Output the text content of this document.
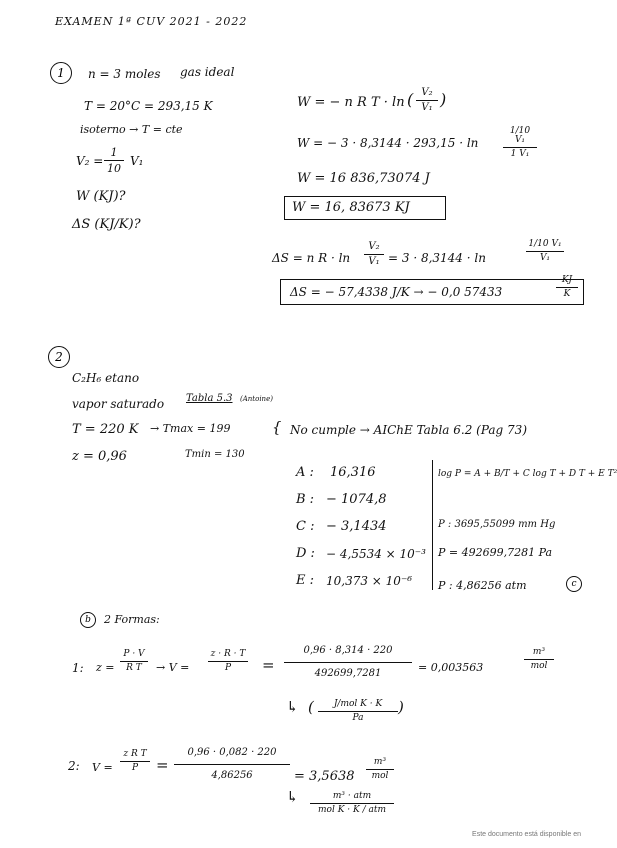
EXAMEN 1ª CUV 2021 - 2022
1	n = 3 moles gas ideal
T = 20°C = 293,15 K
isoterno → T = cte
$V_2 = \frac{1}{10} V_1$
W (KJ)?
ΔS (KJ/K)?
W = − n R T · ln ( $\frac{\text{V₂}}{\text{V₁}}$ )
W = − 3 · 8,3144 · 293,15 · ln	$\frac{\text{1/10 V₁}}{\text{1 V₁}}$
W = 16 836,73074 J
W = 16, 83673 KJ
ΔS = n $R \cdot \ln \frac{\text{V₂}}{\text{V₁}} = 3 \cdot 8,3144 \cdot \ln$	$\frac{\text{1/10 V₁}}{\text{V₁}}$
ΔS = − 57,4338 J/K → − 0,0 57433	$\frac{KJ}{K}$
2
C₂H₆ etano
vapor saturado Tabla 5.3 (Antoine)
T = 220 K → Tmax = 199
z = 0,96	Tmin = 130
{ No cumple → AIChE Tabla 6.2 (Pag 73)
A : 16,316
B : − 1074,8
C : − 3,1434
D : − 4,5534 × 10⁻³
E : 10,373 × 10⁻⁶
log P = A + B/T + C log T + D T + E T²
P : 3695,55099 mm Hg
P = 492699,7281 Pa
P : 4,86256 atm	c
b	2 Formas:
1: $z = \frac{P \cdot V}{\text{R T}} \to V = \frac{z \cdot R \cdot T}{P} = \frac{0,96 \cdot 8,314 \cdot 220}{492699,7281} = 0,003563$
m³
mol
↳ (	J/mol K · K
Pa
)
2: $V = \frac{\text{z R T}}{P} = \frac{0,96 \cdot 0,082 \cdot 220}{4,86256} = 3,5638$
m³
mol
↳	m³ · atm
mol K · K / atm
Este documento está disponible en
